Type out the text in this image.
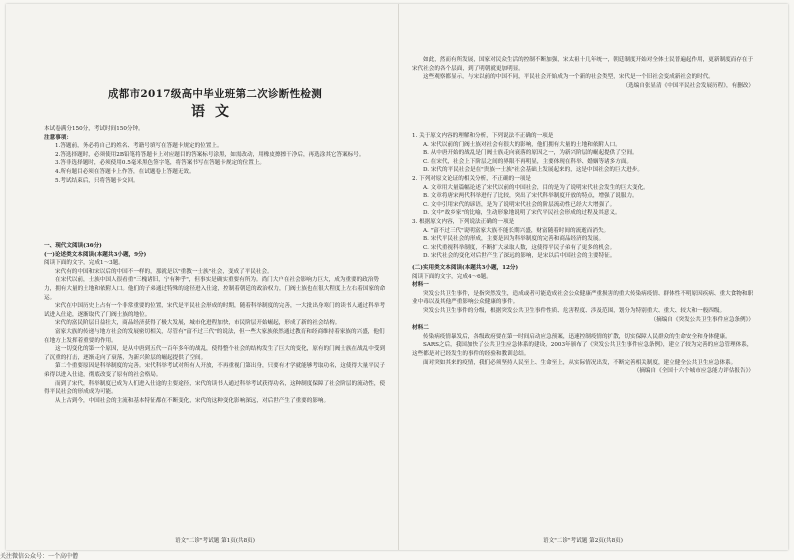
成都市2017级高中毕业班第二次诊断性检测
语文

本试卷满分150分，考试时间150分钟。

注意事项：

1.答题前，务必将自己的姓名、考籍号填写在答题卡规定的位置上。

2.答选择题时，必须使用2B铅笔将答题卡上对应题目的答案标号涂黑，如需改动，用橡皮擦擦干净后，再选涂其它答案标号。

3.答非选择题时，必须使用0.5毫米黑色签字笔，将答案书写在答题卡规定的位置上。

4.所有题目必须在答题卡上作答，在试题卷上答题无效。

5.考试结束后，只将答题卡交回。

一、现代文阅读(36分)

(一)论述类文本阅读(本题共3小题，9分)

阅读下面的文字，完成1～3题。

宋代有的中国和宋以后的中国不一样的，那就是以"重教一士族"社会，变成了平民社会。

在宋代以前，士族中国人很看重"三槐诸旧，宁有种乎"，但事实是确实重要有所为。尚门大户在社会影响力巨大，成为重要的政治势力，拥有大量的土地和依附人口。他们的子弟通过特殊的途径进入仕途，控制着朝廷的政治权力，门阀士族也在很大程度上左右着国家的命运。

宋代在中国历史上占有一个非常重要的位置，宋代是平民社会形成的时期，随着科举制度的完善，一大批出身寒门的读书人通过科举考试进入仕途，逐渐取代了门阀士族的地位。

宋代的富民阶层日益壮大，商品经济获得了极大发展，城市化进程加快，市民阶层开始崛起，形成了新的社会结构。

富家大族的传递与地方社会的发展密切相关，尽管有"富不过三代"的说法，但一些大家族依然通过教育和经商维持着家族的兴盛，他们在地方上发挥着重要的作用。

这一切变化的第一个原因，是从中唐到五代一百年多年的战乱，使得整个社会的结构发生了巨大的变化，原有的门阀士族在战乱中受到了沉重的打击，逐渐走向了衰落，为新兴阶层的崛起提供了空间。

第二个重要原因是科举制度的完善。宋代科举考试对所有人开放，不再重视门第出身，只要有才学就能够考取功名，这使得大量平民子弟得以进入仕途，彻底改变了原有的社会格局。

而到了宋代，科举制度已成为人们进入仕途的主要途径，宋代的读书人通过科举考试获得功名，这种制度保障了社会阶层的流动性，使得平民社会的形成成为可能。

从上古到今，中国社会的主流和基本特征都在不断变化，宋代的这种变化影响深远，对后世产生了重要的影响。

语文"二诊"考试题 第1页(共8页)

如此，然而有所发展，国家对民众生活的控制不断加强，宋太祖十几年统一，朝廷制度开始对全体士民普遍起作用，更新制度而存在于宋代社会的各个层面，到了明朝就更加明显。

这些观察都显示，与宋以前的中国不同，平民社会开始成为一个新的社会类型，宋代是一个旧社会变成新社会的时代。

（选编自张显清《中国平民社会发展历程》，有删改）

1. 关于原文内容的理解和分析，下列说法不正确的一项是

A. 宋代以前的门阀士族对社会有很大的影响，他们拥有大量的土地和依附人口。

B. 从中唐开始的战乱是门阀士族走向衰落的原因之一，为新兴阶层的崛起提供了空间。

C. 在宋代，社会上下阶层之间的界限不再明显，主要体现在科举、婚姻等诸多方面。

D. 宋代的平民社会是在"贵族一士族"社会基础上发展起来的，这是中国社会的巨大进步。

2. 下列对原文论证的相关分析，不正确的一项是

A. 文章用大量篇幅论述了宋代以前的中国社会，目的是为了说明宋代社会发生的巨大变化。

B. 文章将唐宋两代科举进行了比较，突出了宋代科举制度开放的特点，增强了说服力。

C. 文中引用宋代的谚语，是为了说明宋代社会的阶层流动性已经大大增强了。

D. 文中"故乡家"的比喻，生动形象地说明了宋代平民社会形成的过程及其意义。

3. 根据原文内容，下列说法正确的一项是

A. "富不过三代"说明富家大族不能长期兴盛，财富随着时间的流逝而消失。

B. 宋代平民社会的形成，主要是因为科举制度的完善和商品经济的发展。

C. 宋代重视科举制度，不断扩大录取人数，这使得平民子弟有了更多的机会。

D. 宋代社会的变化对后世产生了深远的影响，是宋以后中国社会的主要特征。

(二)实用类文本阅读(本题共3小题，12分)

阅读下面的文字，完成4～6题。

材料一

突发公共卫生事件，是指突然发生，造成或者可能造成社会公众健康严重损害的重大传染病疫情、群体性不明原因疾病、重大食物和职业中毒以及其他严重影响公众健康的事件。

突发公共卫生事件的分级，根据突发公共卫生事件性质、危害程度、涉及范围，划分为特别重大、重大、较大和一般四级。

（摘编自《突发公共卫生事件应急条例》）

材料二

传染病疫情暴发后，各级政府要在第一时间启动应急预案，迅速控制疫情的扩散，切实保障人民群众的生命安全和身体健康。

SARS之后，我国加快了公共卫生应急体系的建设，2003年颁布了《突发公共卫生事件应急条例》，建立了较为完善的应急管理体系，这些都是对已经发生的事件的经验和教训总结。

面对突如其来的疫情，我们必须坚持人民至上、生命至上，从实际情况出发，不断完善相关制度，建立健全公共卫生应急体系。

（摘编自《全国十六个城市应急能力评估报告》）

语文"二诊"考试题 第2页(共8页)
关注微信公众号：一个高中僧
